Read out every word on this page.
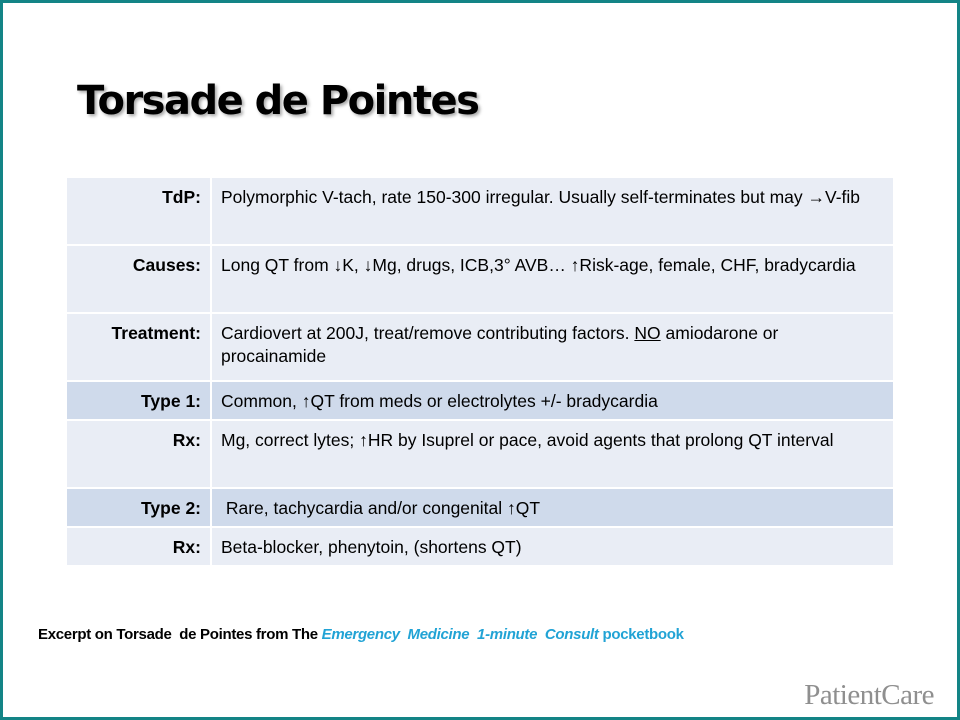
Torsade de Pointes
TdP:	Polymorphic V-tach, rate 150-300 irregular. Usually self-terminates but may →V-fib
Causes:	Long QT from ↓K, ↓Mg, drugs, ICB,3° AVB… ↑Risk-age, female, CHF, bradycardia
Treatment:	Cardiovert at 200J, treat/remove contributing factors. NO amiodarone or procainamide
Type 1:	Common, ↑QT from meds or electrolytes +/- bradycardia
Rx:	Mg, correct lytes; ↑HR by Isuprel or pace, avoid agents that prolong QT interval
Type 2:	Rare, tachycardia and/or congenital ↑QT
Rx:	Beta-blocker, phenytoin, (shortens QT)
Excerpt on Torsade  de Pointes from The Emergency  Medicine  1-minute  Consult pocketbook
PatientCare
